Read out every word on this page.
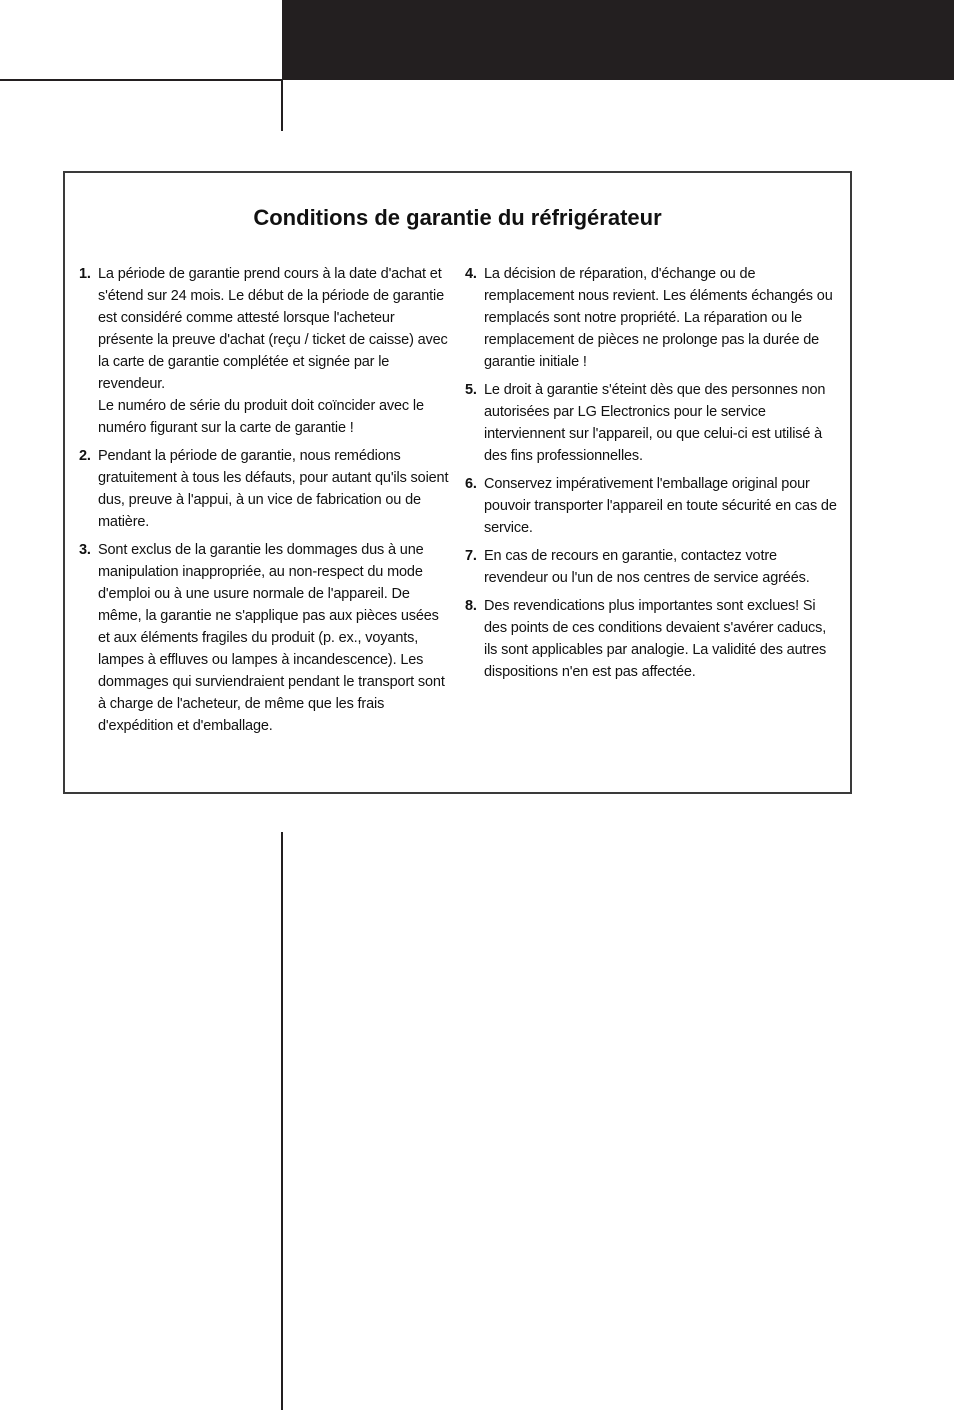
Conditions de garantie du réfrigérateur
1. La période de garantie prend cours à la date d'achat et s'étend sur 24 mois. Le début de la période de garantie est considéré comme attesté lorsque l'acheteur présente la preuve d'achat (reçu / ticket de caisse) avec la carte de garantie complétée et signée par le revendeur.
Le numéro de série du produit doit coïncider avec le numéro figurant sur la carte de garantie !
2. Pendant la période de garantie, nous remédions gratuitement à tous les défauts, pour autant qu'ils soient dus, preuve à l'appui, à un vice de fabrication ou de matière.
3. Sont exclus de la garantie les dommages dus à une manipulation inappropriée, au non-respect du mode d'emploi ou à une usure normale de l'appareil. De même, la garantie ne s'applique pas aux pièces usées et aux éléments fragiles du produit (p. ex., voyants, lampes à effluves ou lampes à incandescence). Les dommages qui surviendraient pendant le transport sont à charge de l'acheteur, de même que les frais d'expédition et d'emballage.
4. La décision de réparation, d'échange ou de remplacement nous revient. Les éléments échangés ou remplacés sont notre propriété. La réparation ou le remplacement de pièces ne prolonge pas la durée de garantie initiale !
5. Le droit à garantie s'éteint dès que des personnes non autorisées par LG Electronics pour le service interviennent sur l'appareil, ou que celui-ci est utilisé à des fins professionnelles.
6. Conservez impérativement l'emballage original pour pouvoir transporter l'appareil en toute sécurité en cas de service.
7. En cas de recours en garantie, contactez votre revendeur ou l'un de nos centres de service agréés.
8. Des revendications plus importantes sont exclues! Si des points de ces conditions devaient s'avérer caducs, ils sont applicables par analogie. La validité des autres dispositions n'en est pas affectée.
